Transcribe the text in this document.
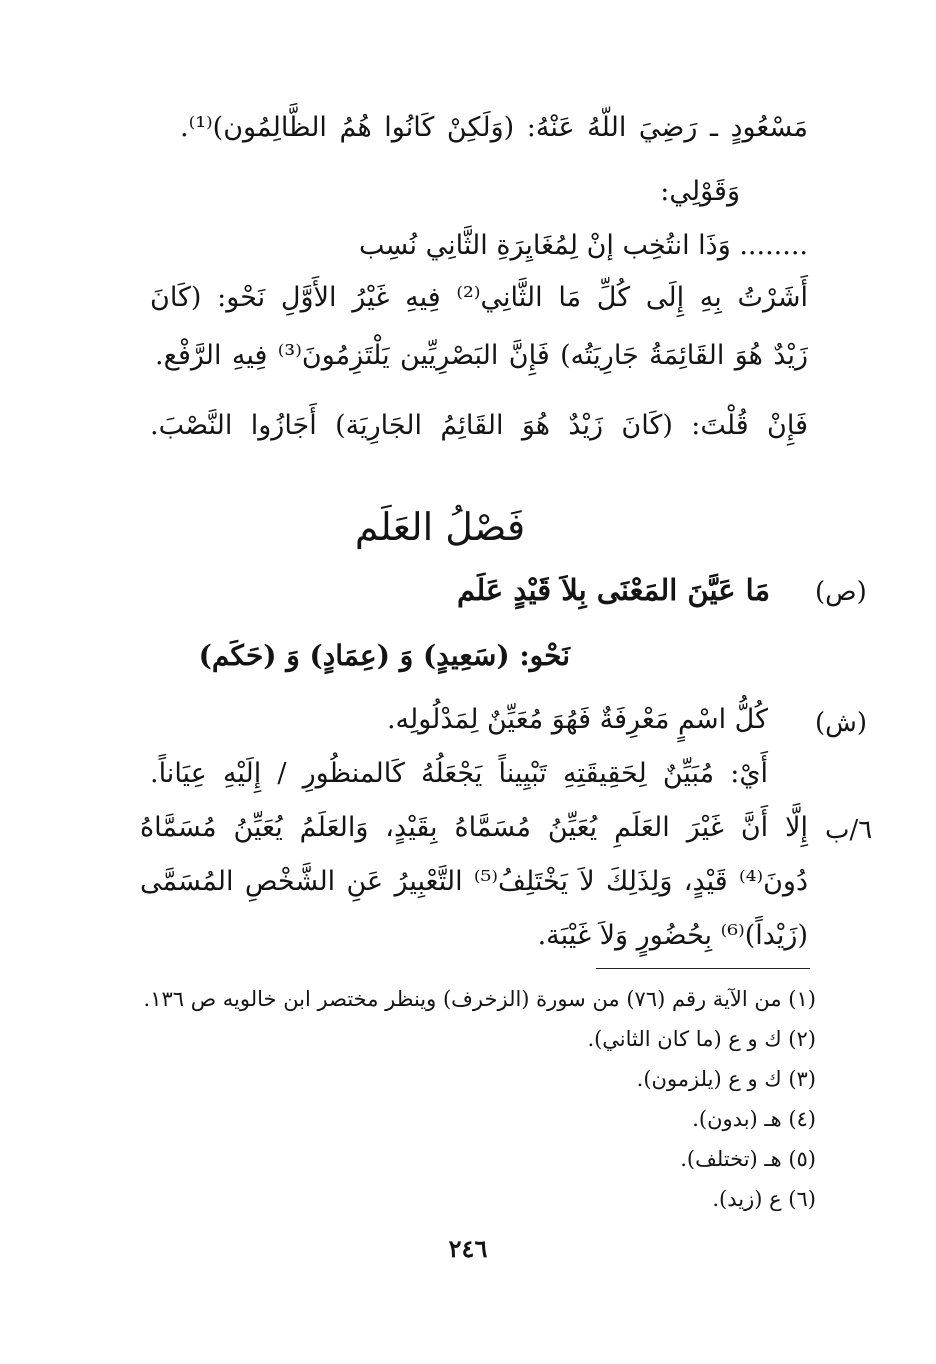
مَسْعُودٍ ـ رَضِيَ اللّهُ عَنْهُ: (وَلَكِنْ كَانُوا هُمُ الظَّالِمُون)⁽¹⁾.
وَقَوْلِي:
........ وَذَا انتُخِب إنْ لِمُغَايِرَةِ الثَّانِي نُسِب
أَشَرْتُ بِهِ إِلَى كُلِّ مَا الثَّانِي⁽²⁾ فِيهِ غَيْرُ الأَوَّلِ نَحْو: (كَانَ
زَيْدٌ هُوَ القَائِمَةُ جَارِيَتُه) فَإِنَّ البَصْرِيِّين يَلْتَزِمُونَ⁽³⁾ فِيهِ الرَّفْع.
فَإِنْ قُلْتَ: (كَانَ زَيْدٌ هُوَ القَائِمُ الجَارِيَة) أَجَازُوا النَّصْبَ.
فَصْلُ العَلَم
(ص)
مَا عَيَّنَ المَعْنَى بِلاَ قَيْدٍ عَلَم
نَحْو: (سَعِيدٍ) وَ (عِمَادٍ) وَ (حَكَم)
(ش)
كُلُّ اسْمٍ مَعْرِفَةٌ فَهُوَ مُعَيِّنٌ لِمَدْلُولِه.
٦/ب
أَيْ: مُبَيِّنٌ لِحَقِيقَتِهِ تَبْيِيناً يَجْعَلُهُ كَالمنظُورِ / إِلَيْهِ عِيَاناً.
إِلَّا أَنَّ غَيْرَ العَلَمِ يُعَيِّنُ مُسَمَّاهُ بِقَيْدٍ، وَالعَلَمُ يُعَيِّنُ مُسَمَّاهُ
دُونَ⁽⁴⁾ قَيْدٍ، وَلِذَلِكَ لاَ يَخْتَلِفُ⁽⁵⁾ التَّعْبِيرُ عَنِ الشَّخْصِ المُسَمَّى
(زَيْداً)⁽⁶⁾ بِحُضُورٍ وَلاَ غَيْبَة.
(١) من الآية رقم (٧٦) من سورة (الزخرف) وينظر مختصر ابن خالويه ص ١٣٦.
(٢) ك و ع (ما كان الثاني).
(٣) ك و ع (يلزمون).
(٤) هـ (بدون).
(٥) هـ (تختلف).
(٦) ع (زيد).
٢٤٦
